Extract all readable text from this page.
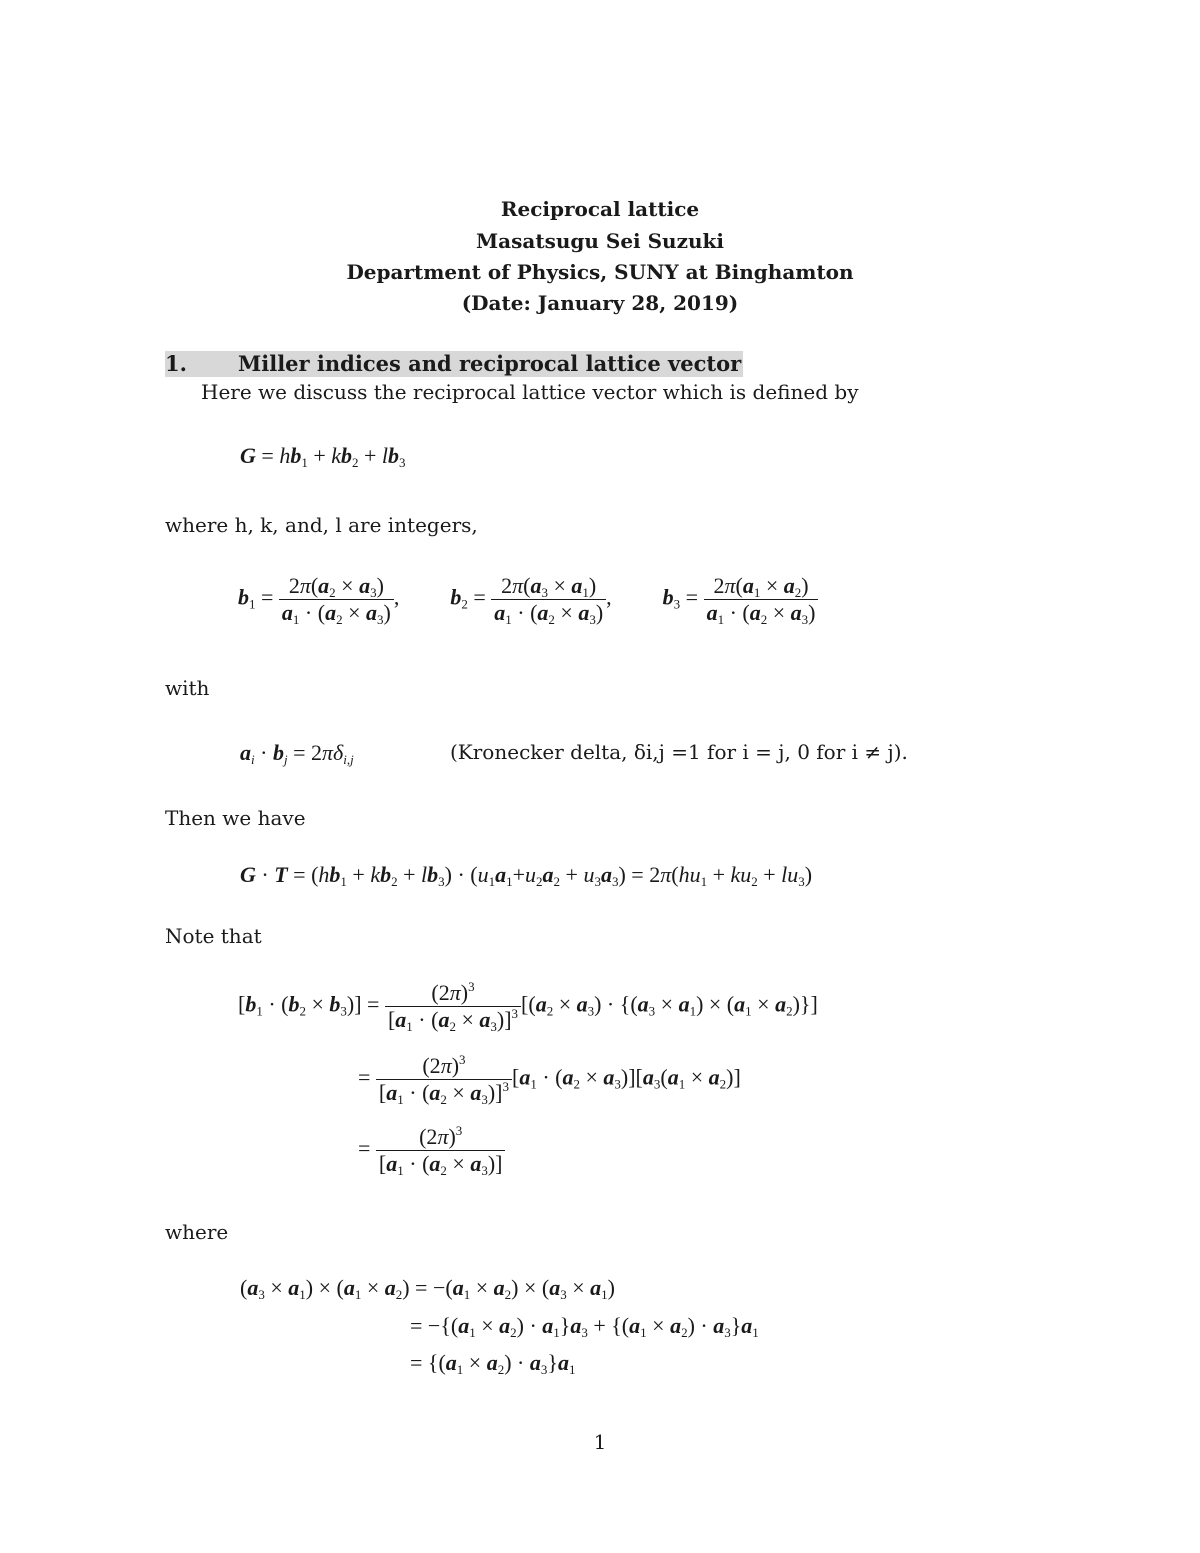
Reciprocal lattice
Masatsugu Sei Suzuki
Department of Physics, SUNY at Binghamton
(Date: January 28, 2019)
1. Miller indices and reciprocal lattice vector
Here we discuss the reciprocal lattice vector which is defined by
$G = hb_1 + kb_2 + lb_3$
where h, k, and, l are integers,
$b_1 = \frac{2\pi(a_2 \times a_3)}{a_1 \cdot (a_2 \times a_3)}$ ,  $b_2 = \frac{2\pi(a_3 \times a_1)}{a_1 \cdot (a_2 \times a_3)}$ ,  $b_3 = \frac{2\pi(a_1 \times a_2)}{a_1 \cdot (a_2 \times a_3)}$
with
$a_i \cdot b_j = 2\pi\delta_{i,j}$	(Kronecker delta, δi,j =1 for i = j, 0 for i ≠ j).
Then we have
$G \cdot T = (hb_1 + kb_2 + lb_3) \cdot (u_1a_1+u_2a_2 + u_3a_3) = 2\pi(hu_1 + ku_2 + lu_3)$
Note that
$[b_1 \cdot (b_2 \times b_3)] = \frac{(2\pi)^3}{[a_1 \cdot (a_2 \times a_3)]^3} [(a_2 \times a_3) \cdot \{(a_3 \times a_1) \times (a_1 \times a_2)\}]$
= $\frac{(2\pi)^3}{[a_1 \cdot (a_2 \times a_3)]^3} [a_1 \cdot (a_2 \times a_3)][a_3(a_1 \times a_2)]$
= $\frac{(2\pi)^3}{[a_1 \cdot (a_2 \times a_3)]}$
where
$(a_3 \times a_1) \times (a_1 \times a_2) = -(a_1 \times a_2) \times (a_3 \times a_1)$
= $-\{(a_1 \times a_2) \cdot a_1\}a_3 + \{(a_1 \times a_2) \cdot a_3\}a_1$
= $\{(a_1 \times a_2) \cdot a_3\}a_1$
1
